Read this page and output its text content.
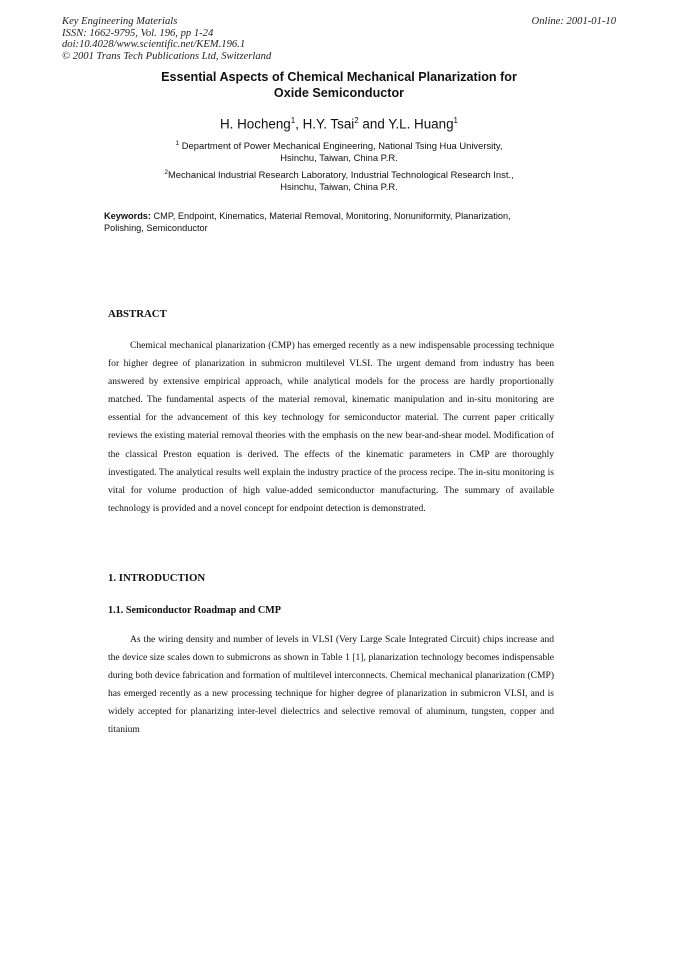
Key Engineering Materials
ISSN: 1662-9795, Vol. 196, pp 1-24
doi:10.4028/www.scientific.net/KEM.196.1
© 2001 Trans Tech Publications Ltd, Switzerland
Online: 2001-01-10
Essential Aspects of Chemical Mechanical Planarization for
Oxide Semiconductor
H. Hocheng$^1$, H.Y. Tsai$^2$ and Y.L. Huang$^1$
$^1$ Department of Power Mechanical Engineering, National Tsing Hua University,
Hsinchu, Taiwan, China P.R.
$^2$Mechanical Industrial Research Laboratory, Industrial Technological Research Inst.,
Hsinchu, Taiwan, China P.R.
Keywords: CMP, Endpoint, Kinematics, Material Removal, Monitoring, Nonuniformity, Planarization, Polishing, Semiconductor
ABSTRACT
Chemical mechanical planarization (CMP) has emerged recently as a new indispensable processing technique for higher degree of planarization in submicron multilevel VLSI. The urgent demand from industry has been answered by extensive empirical approach, while analytical models for the process are hardly proportionally matched. The fundamental aspects of the material removal, kinematic manipulation and in-situ monitoring are essential for the advancement of this key technology for semiconductor material. The current paper critically reviews the existing material removal theories with the emphasis on the new bear-and-shear model. Modification of the classical Preston equation is derived. The effects of the kinematic parameters in CMP are thoroughly investigated. The analytical results well explain the industry practice of the process recipe. The in-situ monitoring is vital for volume production of high value-added semiconductor manufacturing. The summary of available technology is provided and a novel concept for endpoint detection is demonstrated.
1. INTRODUCTION
1.1. Semiconductor Roadmap and CMP
As the wiring density and number of levels in VLSI (Very Large Scale Integrated Circuit) chips increase and the device size scales down to submicrons as shown in Table 1 [1], planarization technology becomes indispensable during both device fabrication and formation of multilevel interconnects. Chemical mechanical planarization (CMP) has emerged recently as a new processing technique for higher degree of planarization in submicron VLSI, and is widely accepted for planarizing inter-level dielectrics and selective removal of aluminum, tungsten, copper and titanium
